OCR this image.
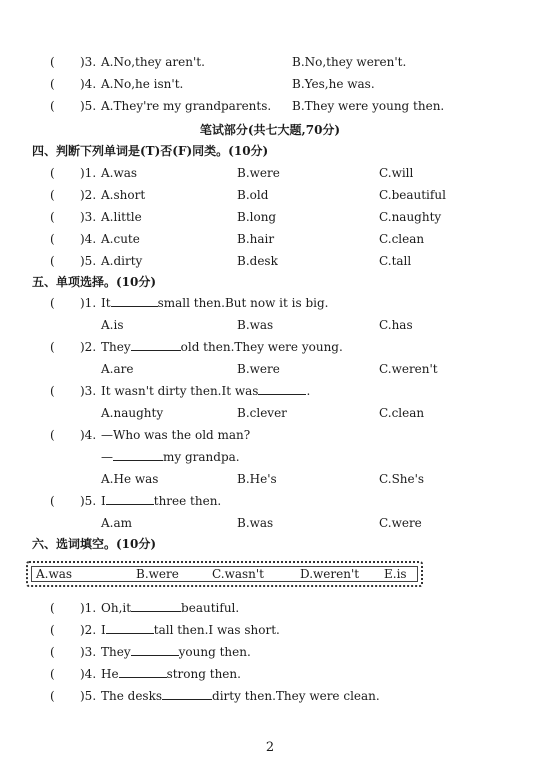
( )3. A.No,they aren't.	B.No,they weren't.
( )4. A.No,he isn't.	B.Yes,he was.
( )5. A.They're my grandparents. B.They were young then.
笔试部分(共七大题,70分)
四、判断下列单词是(T)否(F)同类。(10分)
( )1. A.was	B.were	C.will
( )2. A.short	B.old	C.beautiful
( )3. A.little	B.long	C.naughty
( )4. A.cute	B.hair	C.clean
( )5. A.dirty	B.desk	C.tall
五、单项选择。(10分)
( )1. It	small then.But now it is big.
A.is	B.was	C.has
( )2. They	old then.They were young.
A.are	B.were	C.weren't
( )3. It wasn't dirty then.It was	.
A.naughty	B.clever	C.clean
( )4. —Who was the old man?
—	my grandpa.
A.He was	B.He's	C.She's
( )5. I	three then.
A.am	B.was	C.were
六、选词填空。(10分)
A.was	B.were	C.wasn't	D.weren't E.is
( )1. Oh,it	beautiful.
( )2. I	tall then.I was short.
( )3. They	young then.
( )4. He	strong then.
( )5. The desks	dirty then.They were clean.
2
